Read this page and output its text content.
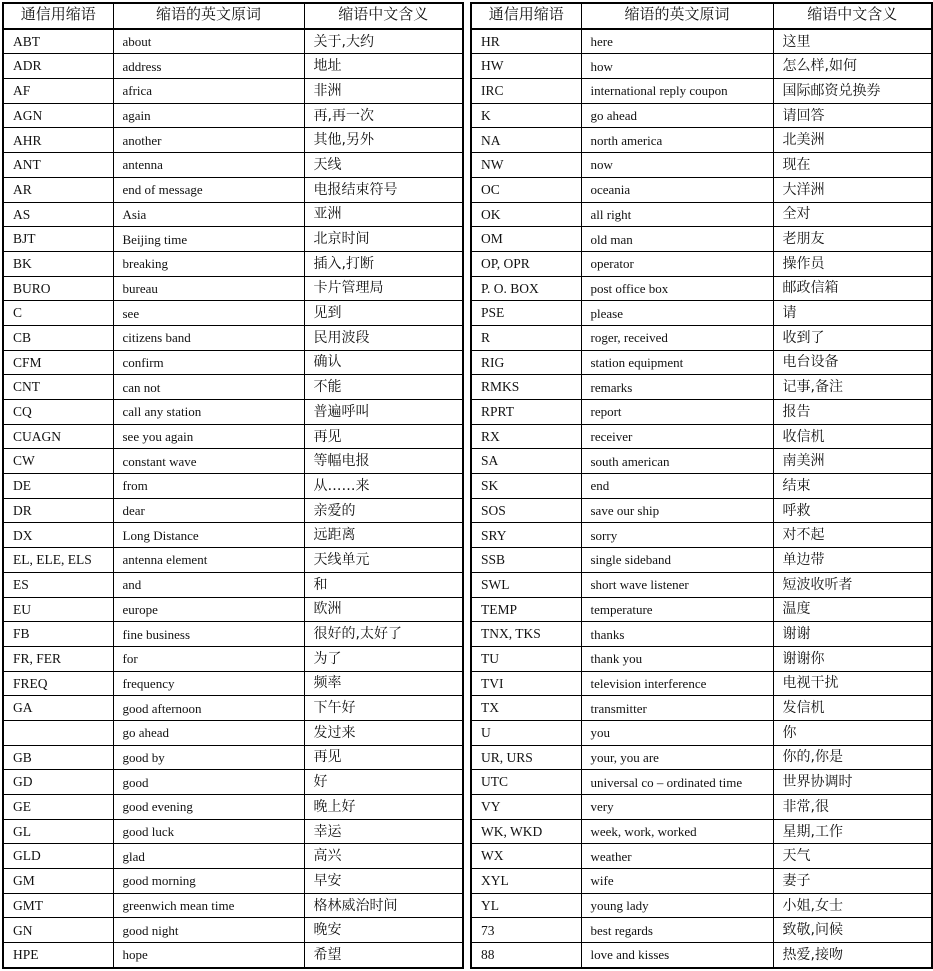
通信用缩语	缩语的英文原词	缩语中文含义
ABT	about	关于,大约
ADR	address	地址
AF	africa	非洲
AGN	again	再,再一次
AHR	another	其他,另外
ANT	antenna	天线
AR	end of message	电报结束符号
AS	Asia	亚洲
BJT	Beijing time	北京时间
BK	breaking	插入,打断
BURO	bureau	卡片管理局
C	see	见到
CB	citizens band	民用波段
CFM	confirm	确认
CNT	can not	不能
CQ	call any station	普遍呼叫
CUAGN	see you again	再见
CW	constant wave	等幅电报
DE	from	从……来
DR	dear	亲爱的
DX	Long Distance	远距离
EL, ELE, ELS	antenna element	天线单元
ES	and	和
EU	europe	欧洲
FB	fine business	很好的,太好了
FR, FER	for	为了
FREQ	frequency	频率
GA	good afternoon	下午好
	go ahead	发过来
GB	good by	再见
GD	good	好
GE	good evening	晚上好
GL	good luck	幸运
GLD	glad	高兴
GM	good morning	早安
GMT	greenwich mean time	格林威治时间
GN	good night	晚安
HPE	hope	希望
通信用缩语	缩语的英文原词	缩语中文含义
HR	here	这里
HW	how	怎么样,如何
IRC	international reply coupon	国际邮资兑换券
K	go ahead	请回答
NA	north america	北美洲
NW	now	现在
OC	oceania	大洋洲
OK	all right	全对
OM	old man	老朋友
OP, OPR	operator	操作员
P. O. BOX	post office box	邮政信箱
PSE	please	请
R	roger, received	收到了
RIG	station equipment	电台设备
RMKS	remarks	记事,备注
RPRT	report	报告
RX	receiver	收信机
SA	south american	南美洲
SK	end	结束
SOS	save our ship	呼救
SRY	sorry	对不起
SSB	single sideband	单边带
SWL	short wave listener	短波收听者
TEMP	temperature	温度
TNX, TKS	thanks	谢谢
TU	thank you	谢谢你
TVI	television interference	电视干扰
TX	transmitter	发信机
U	you	你
UR, URS	your, you are	你的,你是
UTC	universal co – ordinated time	世界协调时
VY	very	非常,很
WK, WKD	week, work, worked	星期,工作
WX	weather	天气
XYL	wife	妻子
YL	young lady	小姐,女士
73	best regards	致敬,问候
88	love and kisses	热爱,接吻
